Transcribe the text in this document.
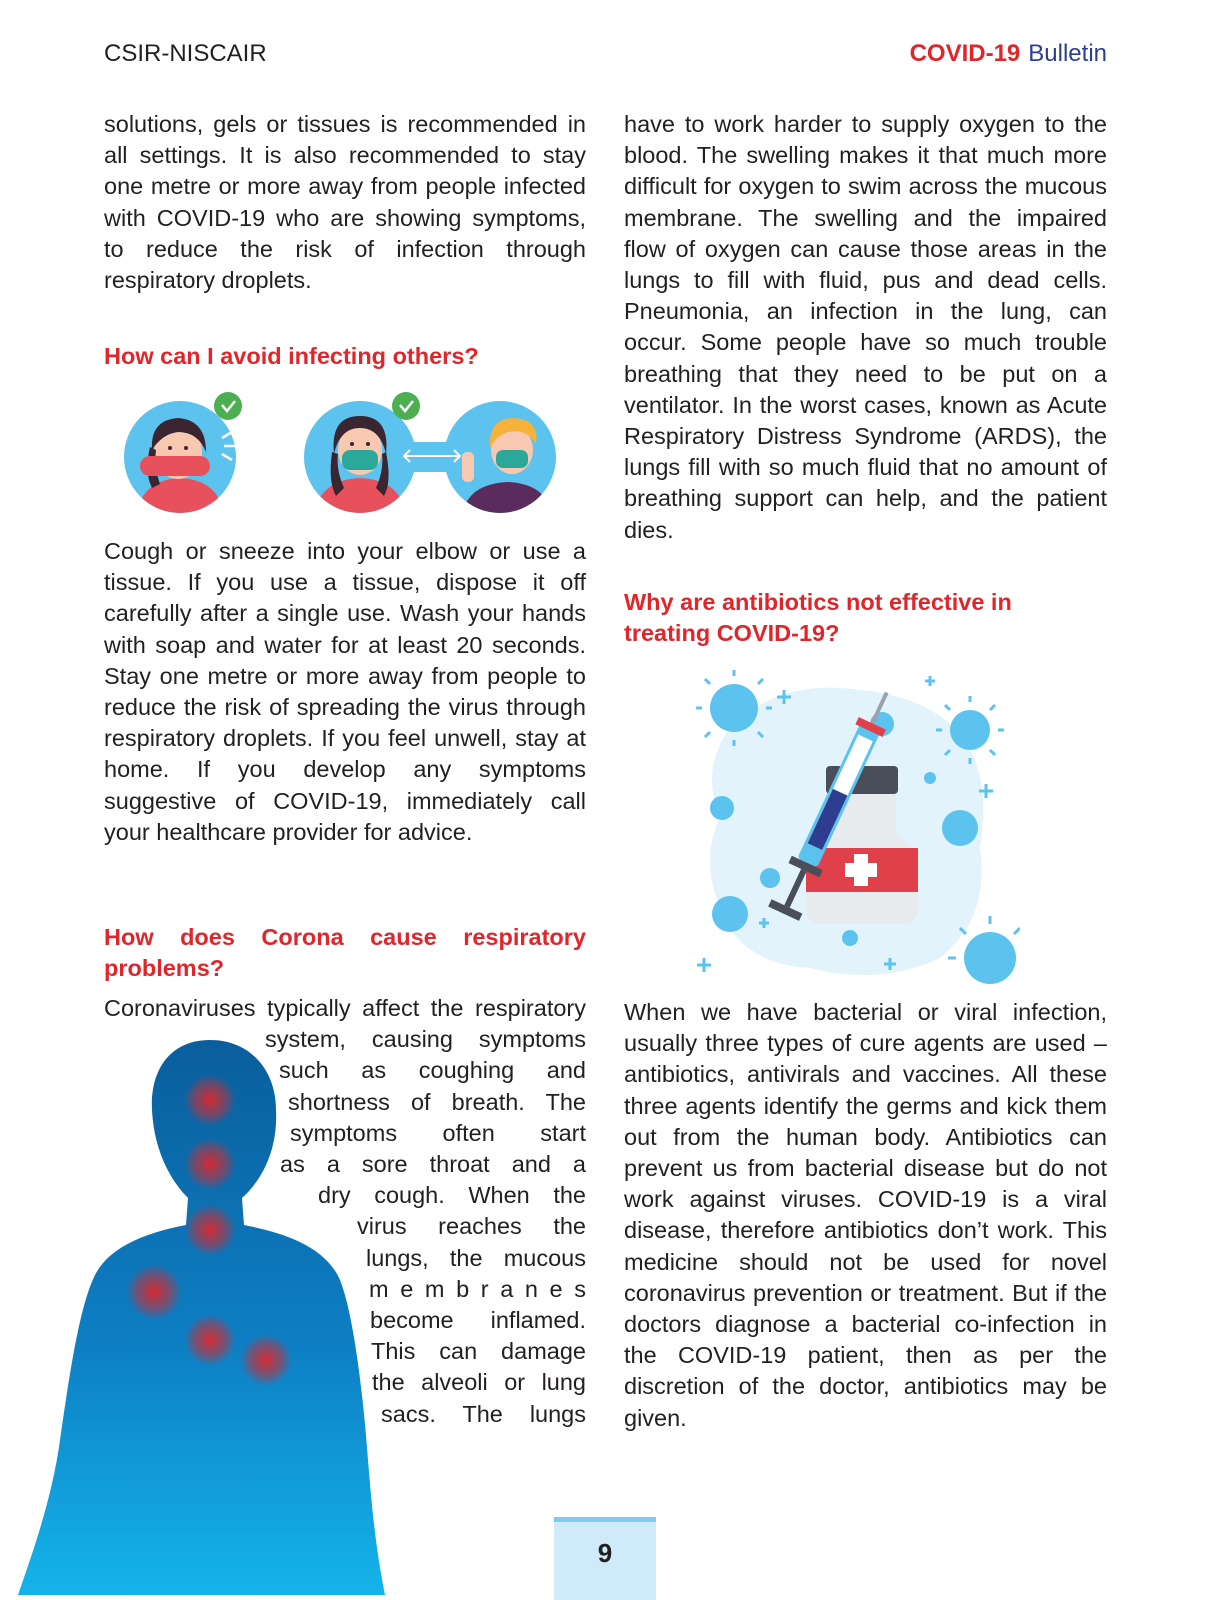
CSIR-NISCAIR	COVID-19 Bulletin

solutions, gels or tissues is recommended in all settings. It is also recommended to stay one metre or more away from people infected with COVID-19 who are showing symptoms, to reduce the risk of infection through respiratory droplets.

How can I avoid infecting others?

Cough or sneeze into your elbow or use a tissue. If you use a tissue, dispose it off carefully after a single use. Wash your hands with soap and water for at least 20 seconds. Stay one metre or more away from people to reduce the risk of spreading the virus through respiratory droplets. If you feel unwell, stay at home. If you develop any symptoms suggestive of COVID-19, immediately call your healthcare provider for advice.

How does Corona cause respiratory
problems?
Coronaviruses typically affect the respiratory
system, causing symptoms
such as coughing and
shortness of breath. The
symptoms often start
as a sore throat and a
dry cough. When the
virus reaches the
lungs, the mucous
m e m b r a n e s
become inflamed.
This can damage
the alveoli or lung
sacs. The lungs

have to work harder to supply oxygen to the blood. The swelling makes it that much more difficult for oxygen to swim across the mucous membrane. The swelling and the impaired flow of oxygen can cause those areas in the lungs to fill with fluid, pus and dead cells. Pneumonia, an infection in the lung, can occur. Some people have so much trouble breathing that they need to be put on a ventilator. In the worst cases, known as Acute Respiratory Distress Syndrome (ARDS), the lungs fill with so much fluid that no amount of breathing support can help, and the patient dies.

Why are antibiotics not effective in
treating COVID-19?

When we have bacterial or viral infection, usually three types of cure agents are used – antibiotics, antivirals and vaccines. All these three agents identify the germs and kick them out from the human body. Antibiotics can prevent us from bacterial disease but do not work against viruses. COVID-19 is a viral disease, therefore antibiotics don’t work. This medicine should not be used for novel coronavirus prevention or treatment. But if the doctors diagnose a bacterial co-infection in the COVID-19 patient, then as per the discretion of the doctor, antibiotics may be given.

9
